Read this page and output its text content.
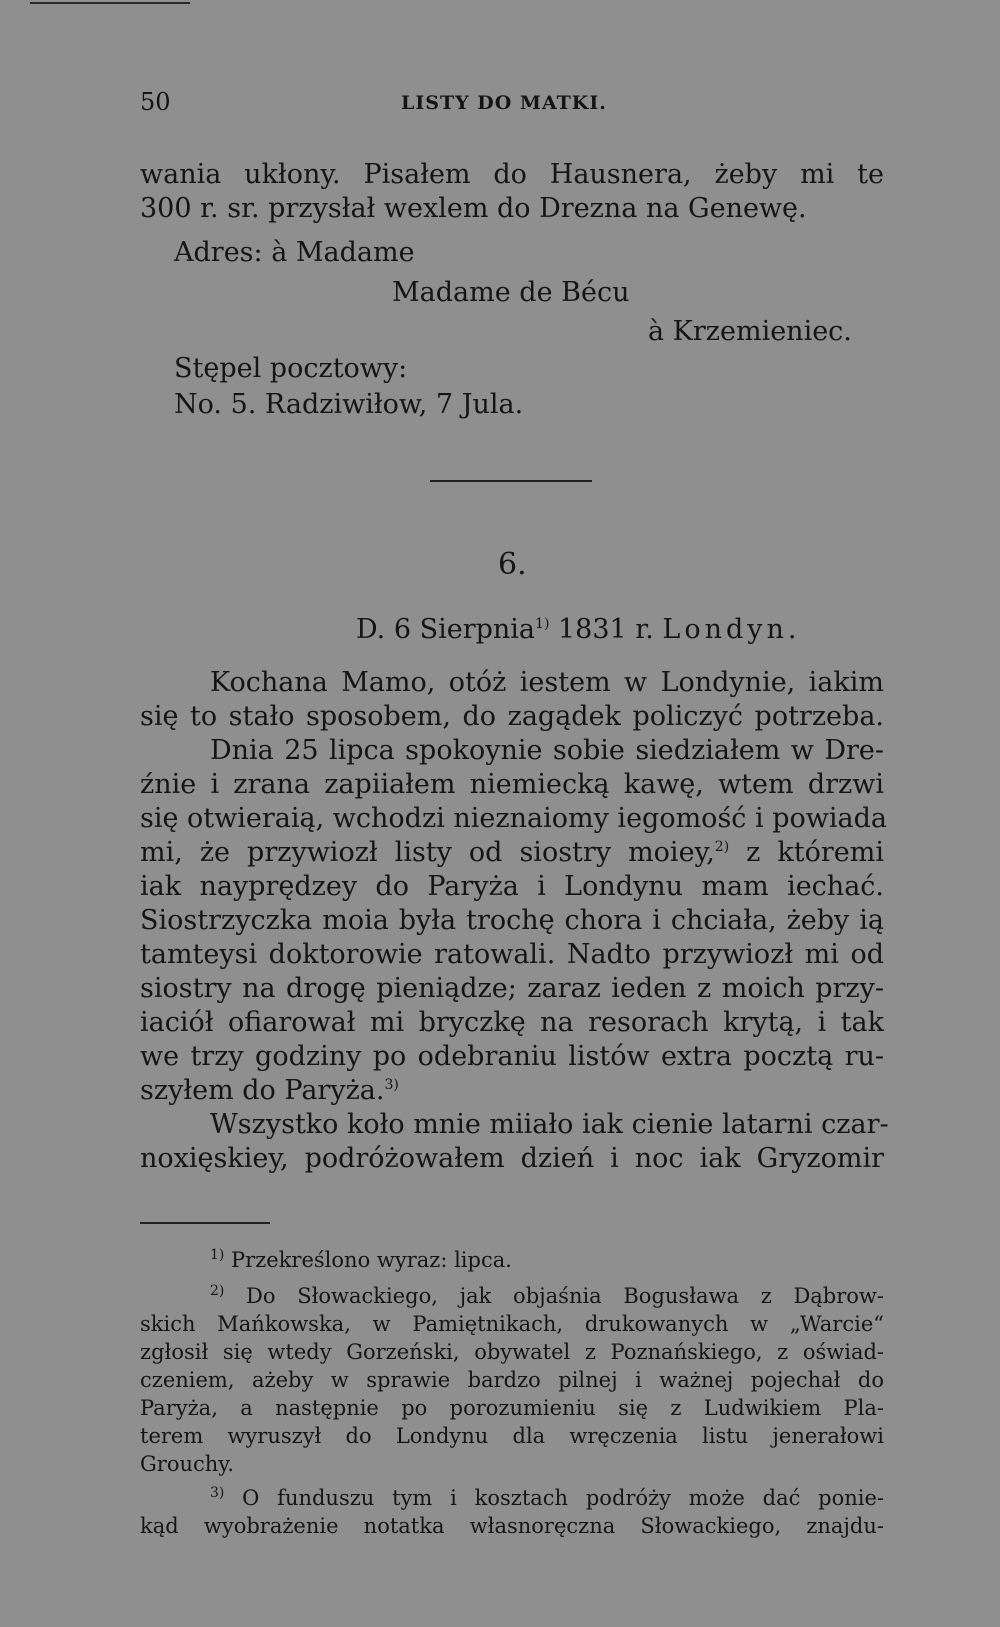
50	LISTY DO MATKI.
wania ukłony. Pisałem do Hausnera, żeby mi te
300 r. sr. przysłał wexlem do Drezna na Genewę.
Adres: à Madame
Madame de Bécu
à Krzemieniec.
Stępel pocztowy:
No. 5. Radziwiłow, 7 Jula.
6.
D. 6 Sierpnia$^{1)}$ 1831 r. Londyn.
Kochana Mamo, otóż iestem w Londynie, iakim
się to stało sposobem, do zagądek policzyć potrzeba.
Dnia 25 lipca spokoynie sobie siedziałem w Dre-
źnie i zrana zapiiałem niemiecką kawę, wtem drzwi
się otwieraią, wchodzi nieznaiomy iegomość i powiada
mi, że przywiozł listy od siostry moiey,$^{2)}$ z któremi
iak nayprędzey do Paryża i Londynu mam iechać.
Siostrzyczka moia była trochę chora i chciała, żeby ią
tamteysi doktorowie ratowali. Nadto przywiozł mi od
siostry na drogę pieniądze; zaraz ieden z moich przy-
iaciół ofiarował mi bryczkę na resorach krytą, i tak
we trzy godziny po odebraniu listów extra pocztą ru-
szyłem do Paryża.$^{3)}$
Wszystko koło mnie miiało iak cienie latarni czar-
noxięskiey, podróżowałem dzień i noc iak Gryzomir
$^{1)}$ Przekreślono wyraz: lipca.
$^{2)}$ Do Słowackiego, jak objaśnia Bogusława z Dąbrow-
skich Mańkowska, w Pamiętnikach, drukowanych w „Warcie“
zgłosił się wtedy Gorzeński, obywatel z Poznańskiego, z oświad-
czeniem, ażeby w sprawie bardzo pilnej i ważnej pojechał do
Paryża, a następnie po porozumieniu się z Ludwikiem Pla-
terem wyruszył do Londynu dla wręczenia listu jenerałowi
Grouchy.
$^{3)}$ O funduszu tym i kosztach podróży może dać ponie-
kąd wyobrażenie notatka własnoręczna Słowackiego, znajdu-
